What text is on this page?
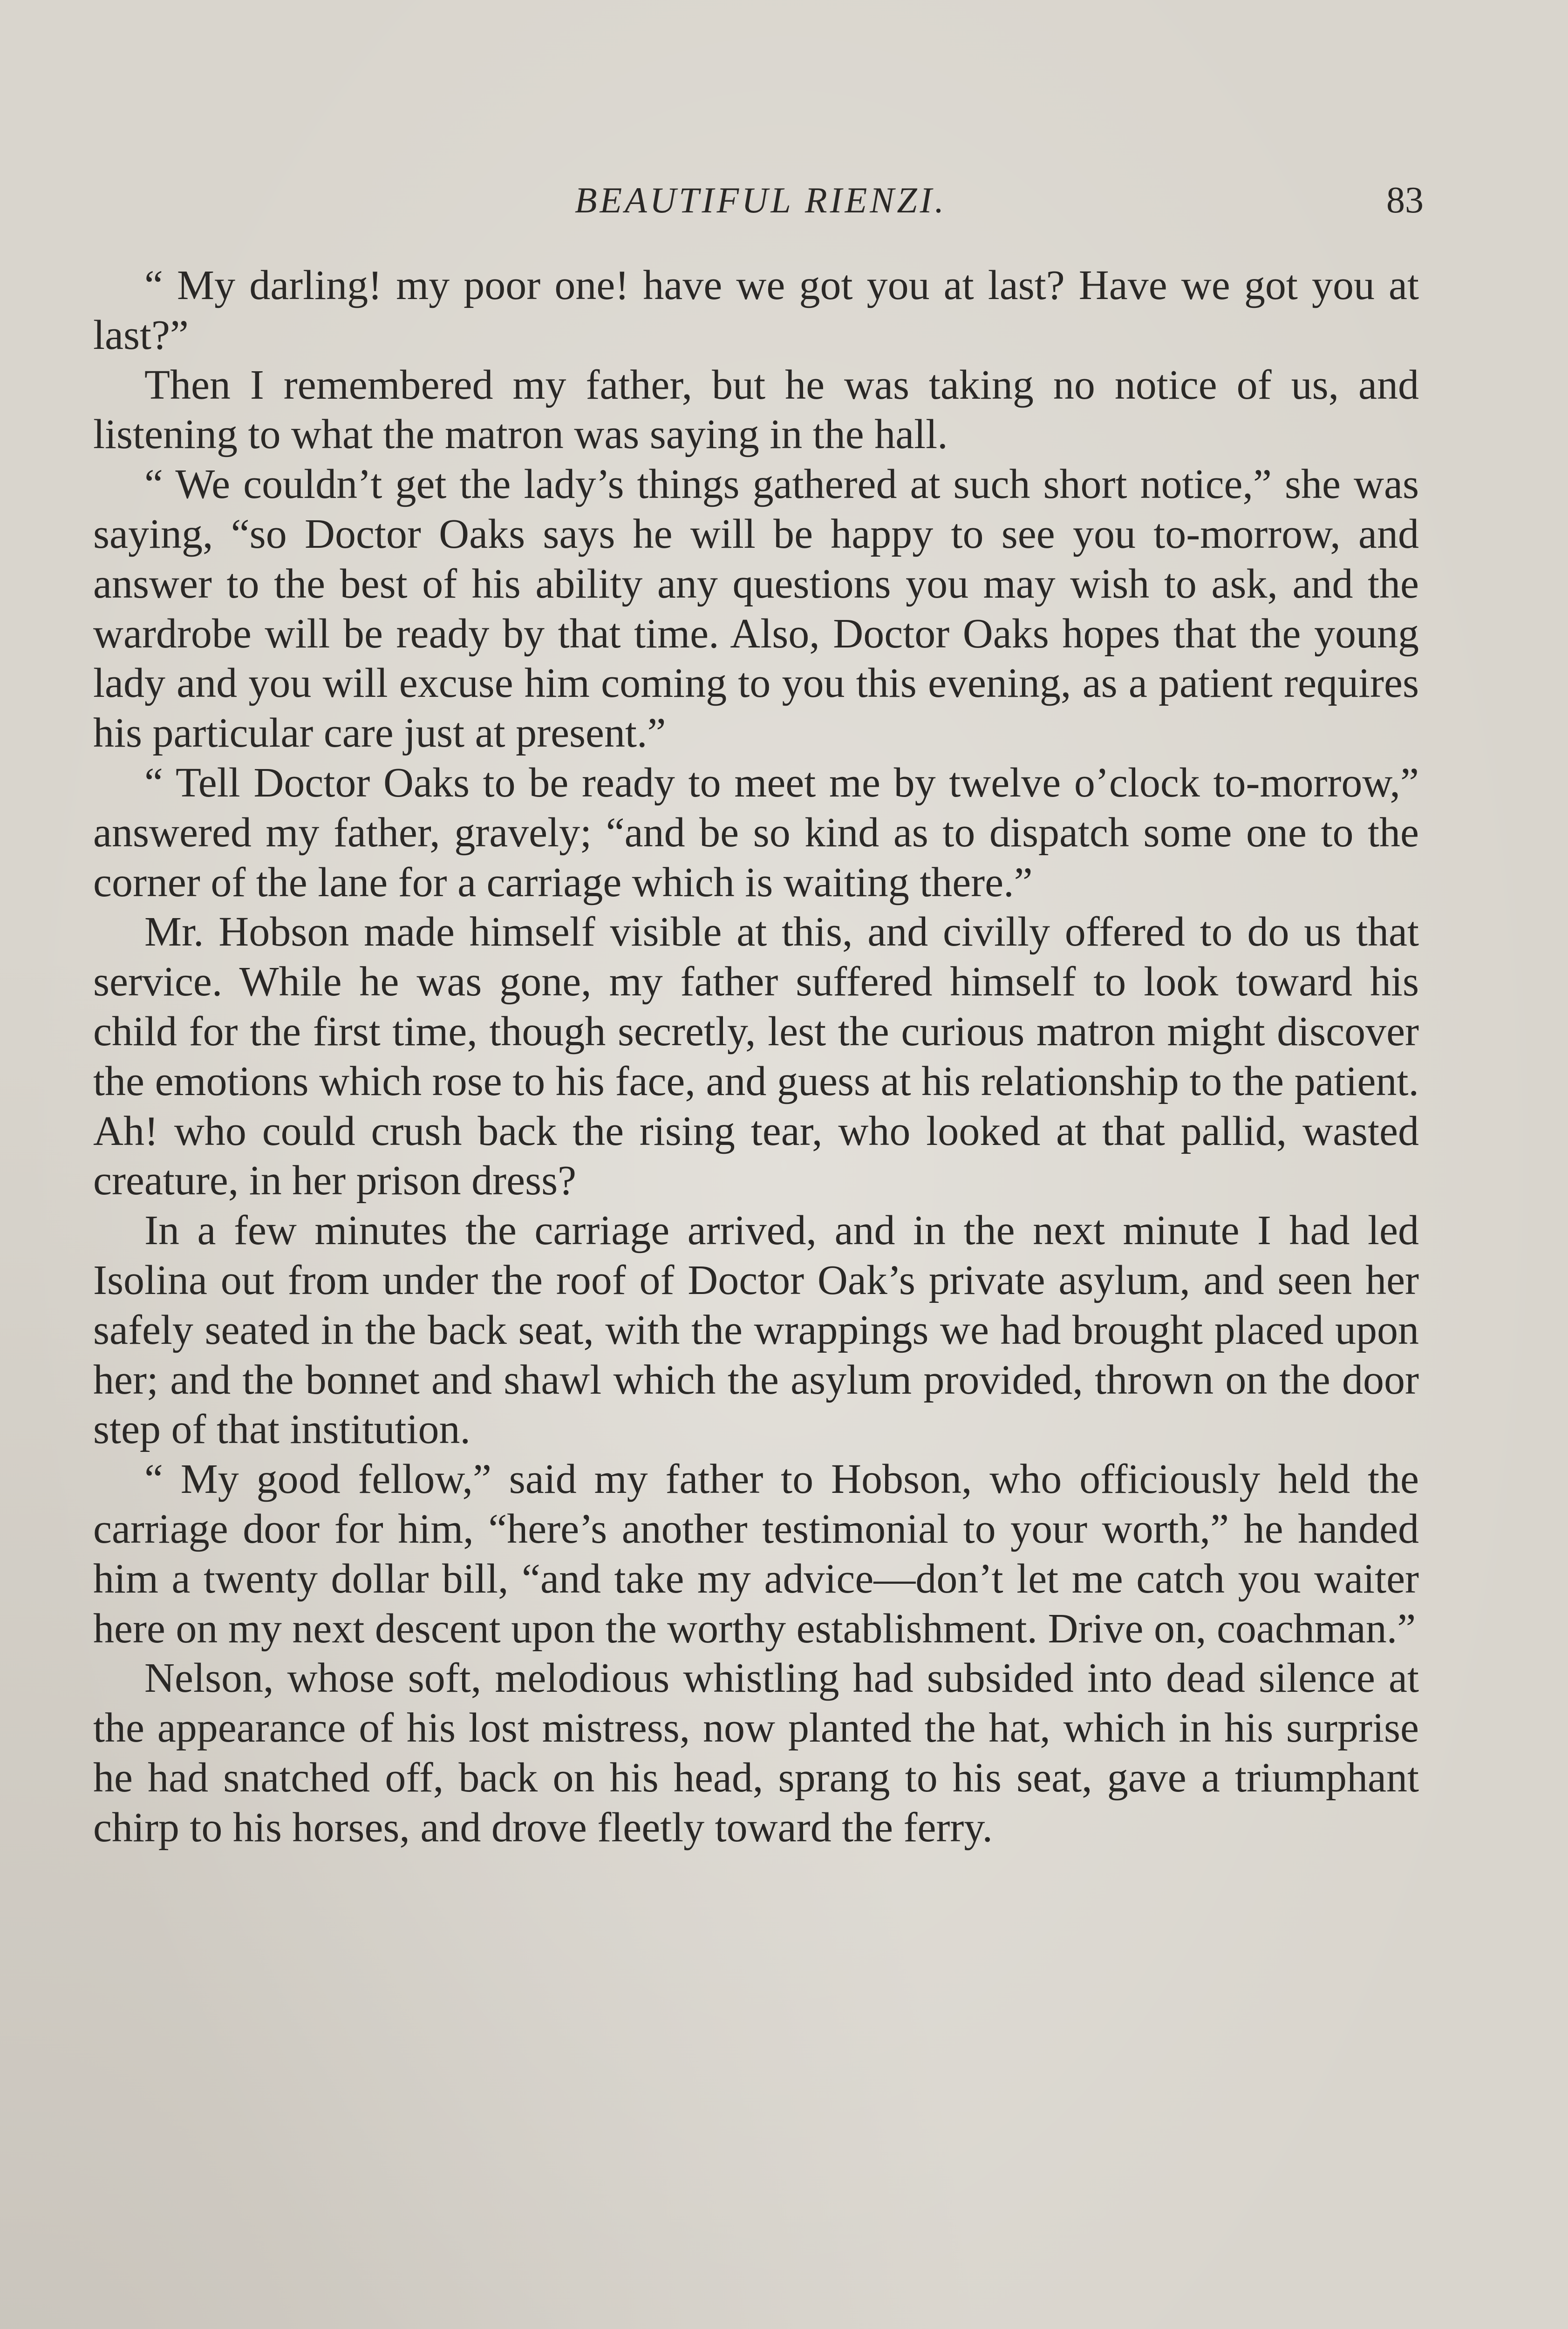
BEAUTIFUL RIENZI.	83

“ My darling! my poor one! have we got you at last? Have we got you at last?”

Then I remembered my father, but he was taking no notice of us, and listening to what the matron was saying in the hall.

“ We couldn’t get the lady’s things gathered at such short notice,” she was saying, “so Doctor Oaks says he will be happy to see you to-morrow, and answer to the best of his ability any questions you may wish to ask, and the wardrobe will be ready by that time. Also, Doctor Oaks hopes that the young lady and you will excuse him coming to you this evening, as a patient requires his particular care just at present.”

“ Tell Doctor Oaks to be ready to meet me by twelve o’clock to-morrow,” answered my father, gravely; “and be so kind as to dispatch some one to the corner of the lane for a carriage which is waiting there.”

Mr. Hobson made himself visible at this, and civilly offered to do us that service. While he was gone, my father suffered himself to look toward his child for the first time, though secretly, lest the curious matron might discover the emotions which rose to his face, and guess at his relationship to the patient. Ah! who could crush back the rising tear, who looked at that pallid, wasted creature, in her prison dress?

In a few minutes the carriage arrived, and in the next minute I had led Isolina out from under the roof of Doctor Oak’s private asylum, and seen her safely seated in the back seat, with the wrappings we had brought placed upon her; and the bonnet and shawl which the asylum provided, thrown on the door step of that institution.

“ My good fellow,” said my father to Hobson, who officiously held the carriage door for him, “here’s another testimonial to your worth,” he handed him a twenty dollar bill, “and take my advice—don’t let me catch you waiter here on my next descent upon the worthy establishment. Drive on, coachman.”

Nelson, whose soft, melodious whistling had subsided into dead silence at the appearance of his lost mistress, now planted the hat, which in his surprise he had snatched off, back on his head, sprang to his seat, gave a triumphant chirp to his horses, and drove fleetly toward the ferry.
